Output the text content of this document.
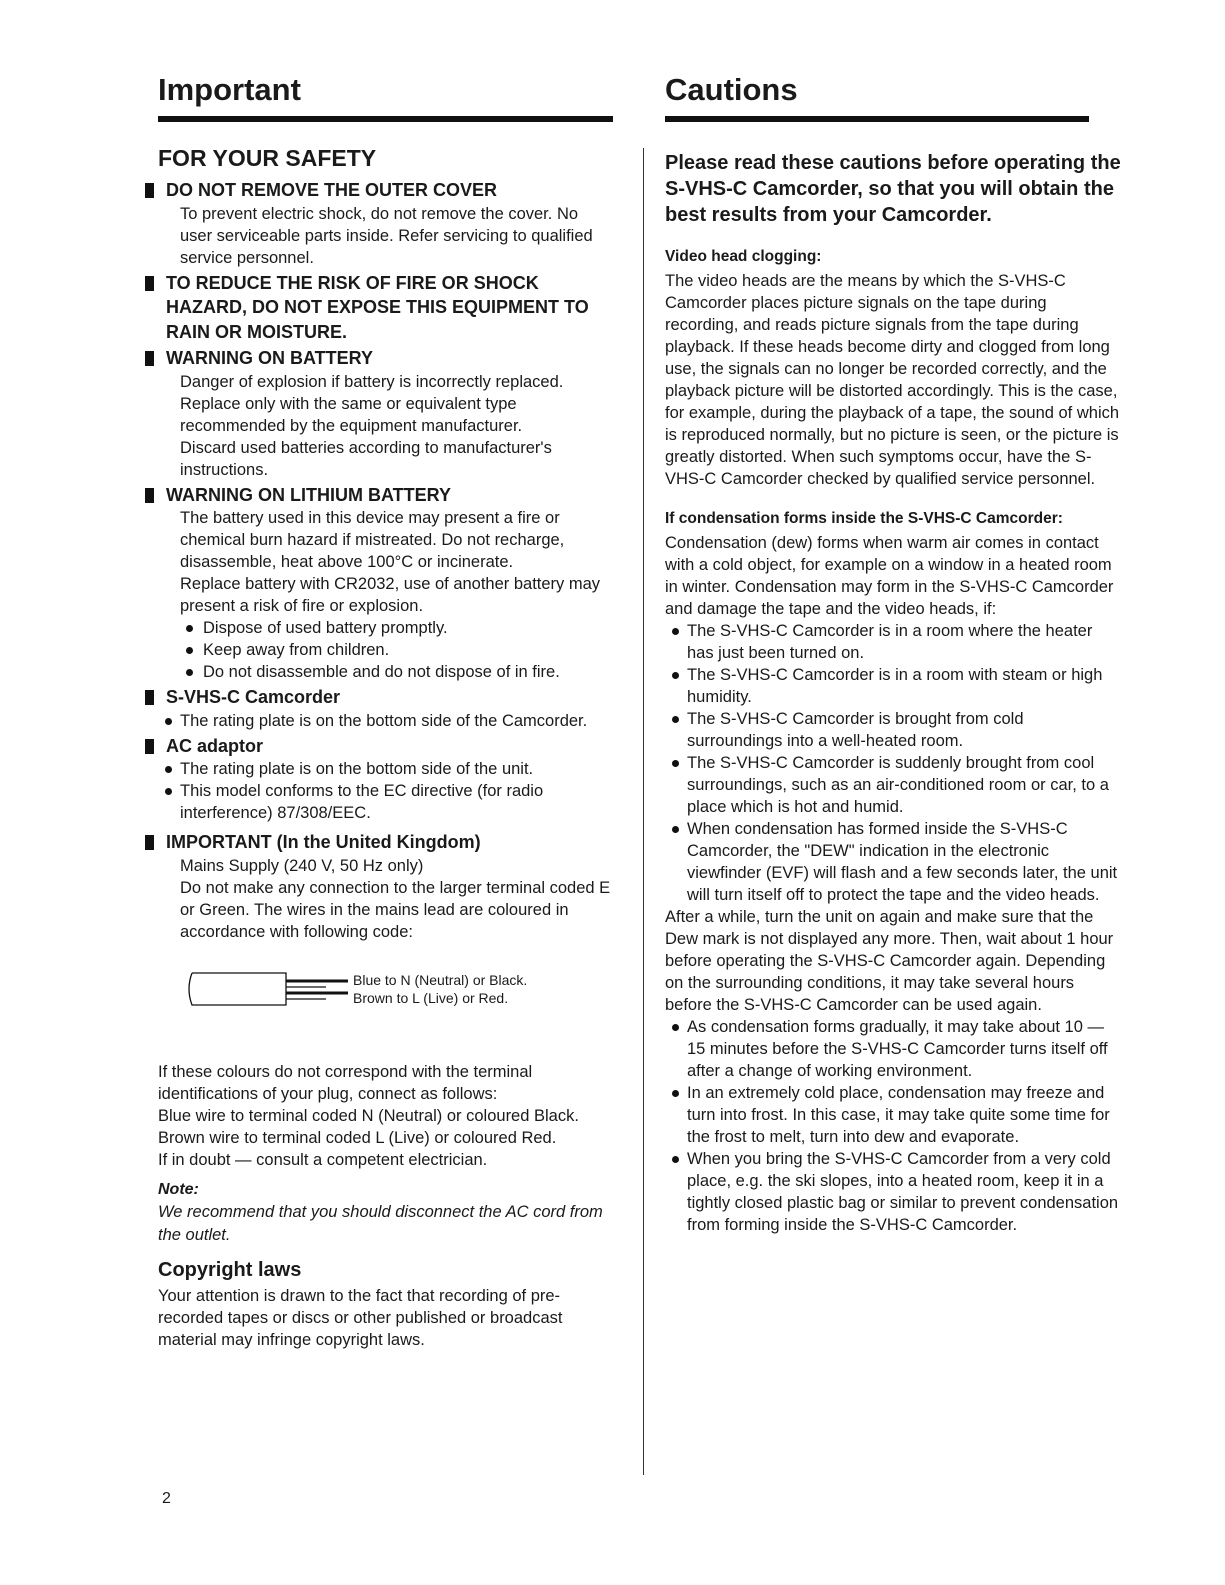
Important
FOR YOUR SAFETY
DO NOT REMOVE THE OUTER COVER

To prevent electric shock, do not remove the cover. No user serviceable parts inside. Refer servicing to qualified service personnel.

TO REDUCE THE RISK OF FIRE OR SHOCK HAZARD, DO NOT EXPOSE THIS EQUIPMENT TO RAIN OR MOISTURE.
WARNING ON BATTERY

Danger of explosion if battery is incorrectly replaced.

Replace only with the same or equivalent type recommended by the equipment manufacturer.

Discard used batteries according to manufacturer's instructions.

WARNING ON LITHIUM BATTERY

The battery used in this device may present a fire or chemical burn hazard if mistreated. Do not recharge, disassemble, heat above 100°C or incinerate.

Replace battery with CR2032, use of another battery may present a risk of fire or explosion.

Dispose of used battery promptly.
Keep away from children.
Do not disassemble and do not dispose of in fire.
S-VHS-C Camcorder
The rating plate is on the bottom side of the Camcorder.
AC adaptor
The rating plate is on the bottom side of the unit.
This model conforms to the EC directive (for radio interference) 87/308/EEC.
IMPORTANT (In the United Kingdom)

Mains Supply (240 V, 50 Hz only)

Do not make any connection to the larger terminal coded E or Green. The wires in the mains lead are coloured in accordance with following code:

Blue to N (Neutral) or Black.
Brown to L (Live) or Red.

If these colours do not correspond with the terminal identifications of your plug, connect as follows:

Blue wire to terminal coded N (Neutral) or coloured Black.

Brown wire to terminal coded L (Live) or coloured Red.

If in doubt — consult a competent electrician.

Note:
We recommend that you should disconnect the AC cord from the outlet.
Copyright laws

Your attention is drawn to the fact that recording of pre-recorded tapes or discs or other published or broadcast material may infringe copyright laws.

2
Cautions
Please read these cautions before operating the S-VHS-C Camcorder, so that you will obtain the best results from your Camcorder.
Video head clogging:

The video heads are the means by which the S-VHS-C Camcorder places picture signals on the tape during recording, and reads picture signals from the tape during playback. If these heads become dirty and clogged from long use, the signals can no longer be recorded correctly, and the playback picture will be distorted accordingly. This is the case, for example, during the playback of a tape, the sound of which is reproduced normally, but no picture is seen, or the picture is greatly distorted. When such symptoms occur, have the S-VHS-C Camcorder checked by qualified service personnel.

If condensation forms inside the S-VHS-C Camcorder:

Condensation (dew) forms when warm air comes in contact with a cold object, for example on a window in a heated room in winter. Condensation may form in the S-VHS-C Camcorder and damage the tape and the video heads, if:

The S-VHS-C Camcorder is in a room where the heater has just been turned on.
The S-VHS-C Camcorder is in a room with steam or high humidity.
The S-VHS-C Camcorder is brought from cold surroundings into a well-heated room.
The S-VHS-C Camcorder is suddenly brought from cool surroundings, such as an air-conditioned room or car, to a place which is hot and humid.
When condensation has formed inside the S-VHS-C Camcorder, the "DEW" indication in the electronic viewfinder (EVF) will flash and a few seconds later, the unit will turn itself off to protect the tape and the video heads.

After a while, turn the unit on again and make sure that the Dew mark is not displayed any more. Then, wait about 1 hour before operating the S-VHS-C Camcorder again. Depending on the surrounding conditions, it may take several hours before the S-VHS-C Camcorder can be used again.

As condensation forms gradually, it may take about 10 — 15 minutes before the S-VHS-C Camcorder turns itself off after a change of working environment.
In an extremely cold place, condensation may freeze and turn into frost. In this case, it may take quite some time for the frost to melt, turn into dew and evaporate.
When you bring the S-VHS-C Camcorder from a very cold place, e.g. the ski slopes, into a heated room, keep it in a tightly closed plastic bag or similar to prevent condensation from forming inside the S-VHS-C Camcorder.
